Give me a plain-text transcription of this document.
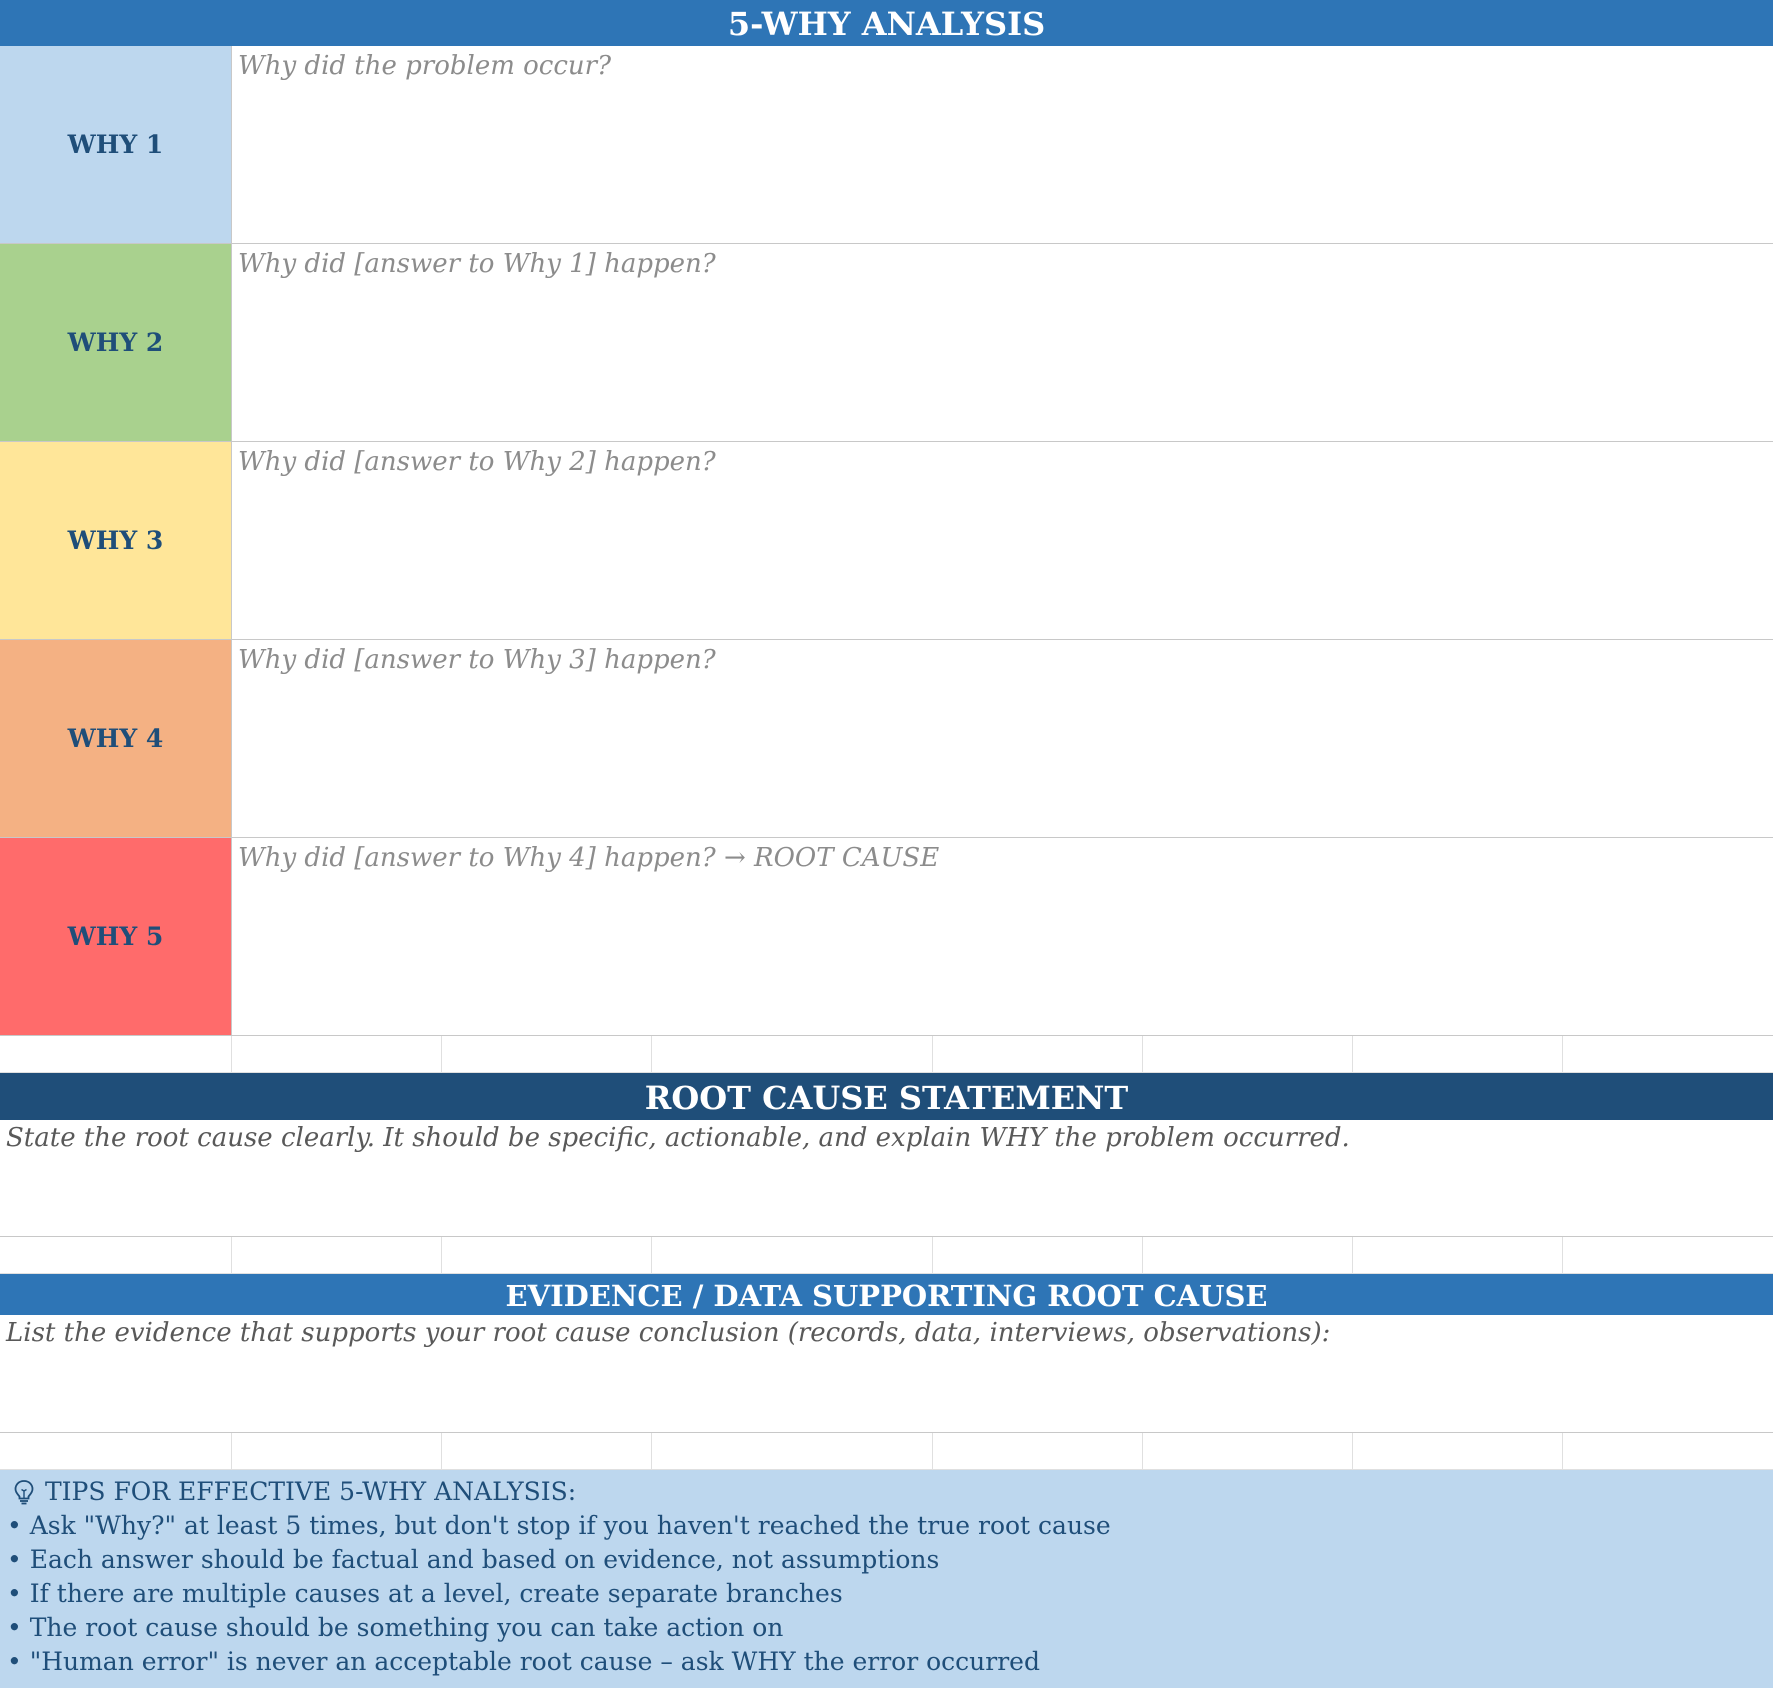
5-WHY ANALYSIS
WHY 1
Why did the problem occur?
WHY 2
Why did [answer to Why 1] happen?
WHY 3
Why did [answer to Why 2] happen?
WHY 4
Why did [answer to Why 3] happen?
WHY 5
Why did [answer to Why 4] happen? → ROOT CAUSE
ROOT CAUSE STATEMENT
State the root cause clearly. It should be specific, actionable, and explain WHY the problem occurred.
EVIDENCE / DATA SUPPORTING ROOT CAUSE
List the evidence that supports your root cause conclusion (records, data, interviews, observations):
TIPS FOR EFFECTIVE 5-WHY ANALYSIS:
• Ask "Why?" at least 5 times, but don't stop if you haven't reached the true root cause
• Each answer should be factual and based on evidence, not assumptions
• If there are multiple causes at a level, create separate branches
• The root cause should be something you can take action on
• "Human error" is never an acceptable root cause – ask WHY the error occurred
